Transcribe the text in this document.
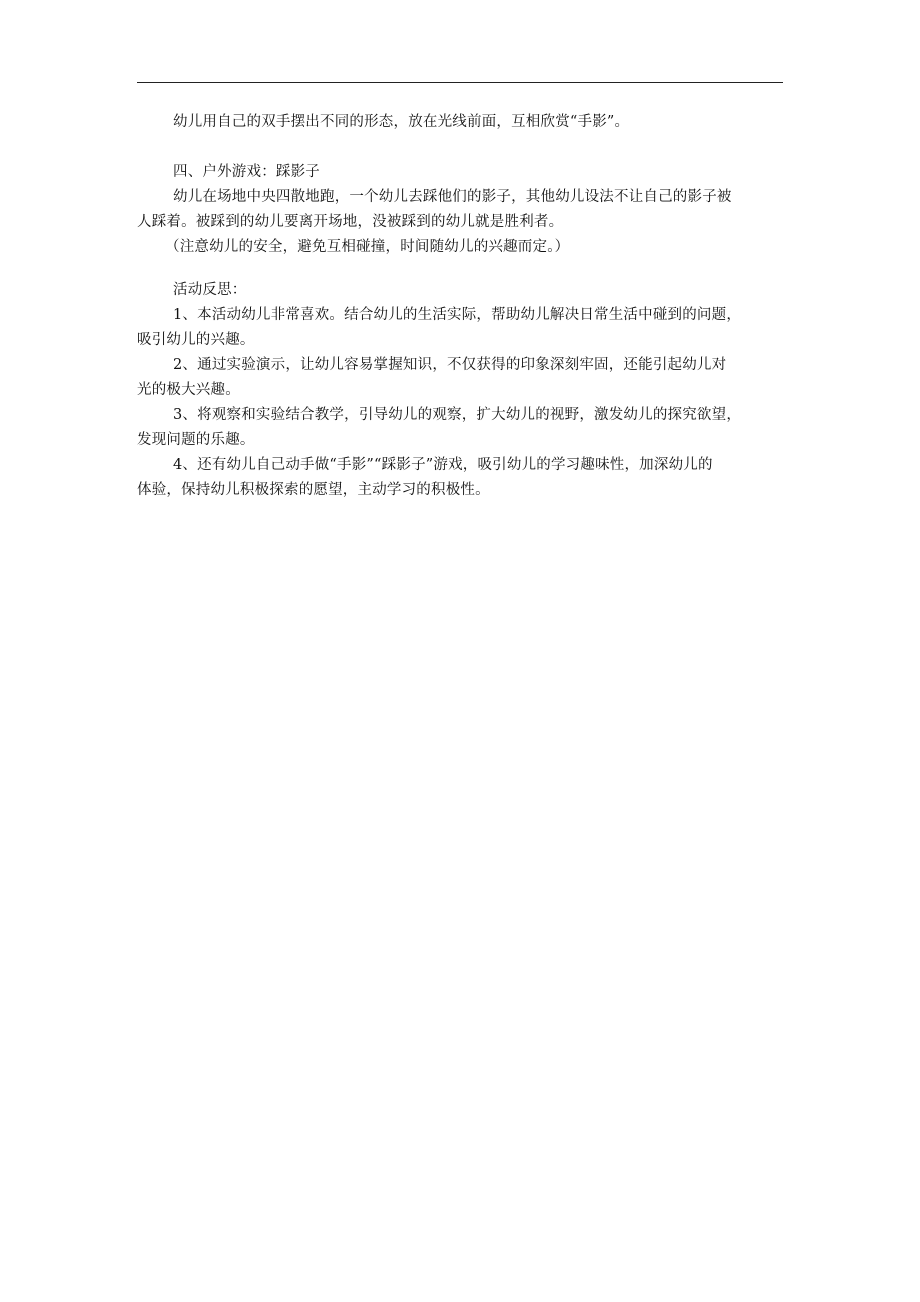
幼儿用自己的双手摆出不同的形态，放在光线前面，互相欣赏“手影”。

四、户外游戏：踩影子

幼儿在场地中央四散地跑，一个幼儿去踩他们的影子，其他幼儿设法不让自己的影子被

人踩着。被踩到的幼儿要离开场地，没被踩到的幼儿就是胜利者。

（注意幼儿的安全，避免互相碰撞，时间随幼儿的兴趣而定。）

活动反思：

1、本活动幼儿非常喜欢。结合幼儿的生活实际，帮助幼儿解决日常生活中碰到的问题，

吸引幼儿的兴趣。

2、通过实验演示，让幼儿容易掌握知识，不仅获得的印象深刻牢固，还能引起幼儿对

光的极大兴趣。

3、将观察和实验结合教学，引导幼儿的观察，扩大幼儿的视野，激发幼儿的探究欲望，

发现问题的乐趣。

4、还有幼儿自己动手做“手影”“踩影子”游戏，吸引幼儿的学习趣味性，加深幼儿的

体验，保持幼儿积极探索的愿望，主动学习的积极性。
